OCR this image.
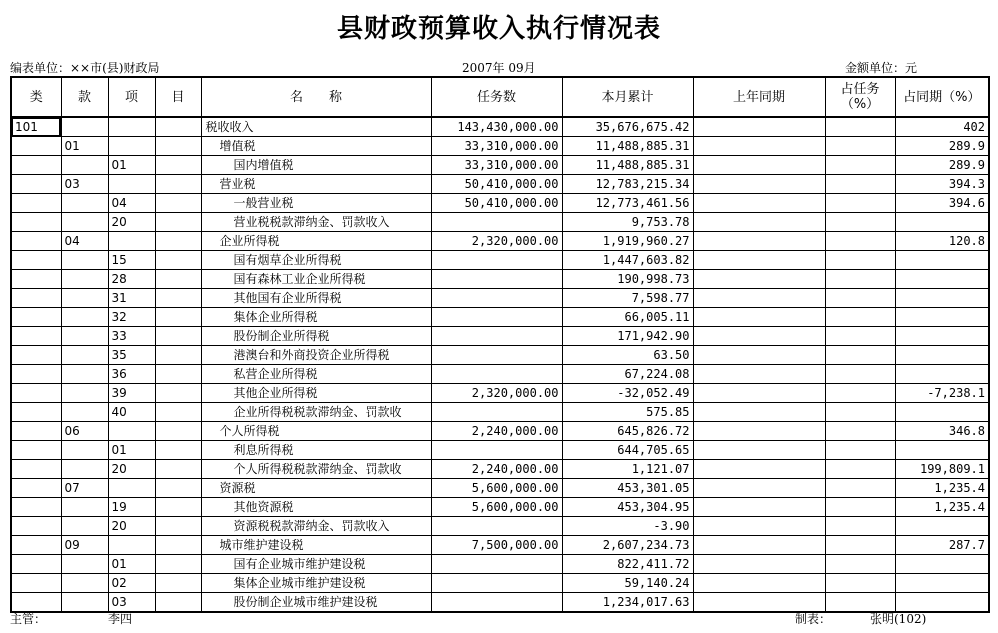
县财政预算收入执行情况表
编表单位：××市(县)财政局	2007年 09月	金额单位：元
类	款	项	目	名　　称	任务数	本月累计	上年同期	占任务（%）	占同期（%）
101				税收收入	143,430,000.00	35,676,675.42			402
	01			增值税	33,310,000.00	11,488,885.31			289.9
		01		国内增值税	33,310,000.00	11,488,885.31			289.9
	03			营业税	50,410,000.00	12,783,215.34			394.3
		04		一般营业税	50,410,000.00	12,773,461.56			394.6
		20		营业税税款滞纳金、罚款收入		9,753.78			
	04			企业所得税	2,320,000.00	1,919,960.27			120.8
		15		国有烟草企业所得税		1,447,603.82			
		28		国有森林工业企业所得税		190,998.73			
		31		其他国有企业所得税		7,598.77			
		32		集体企业所得税		66,005.11			
		33		股份制企业所得税		171,942.90			
		35		港澳台和外商投资企业所得税		63.50			
		36		私营企业所得税		67,224.08			
		39		其他企业所得税	2,320,000.00	-32,052.49			-7,238.1
		40		企业所得税税款滞纳金、罚款收		575.85			
	06			个人所得税	2,240,000.00	645,826.72			346.8
		01		利息所得税		644,705.65			
		20		个人所得税税款滞纳金、罚款收	2,240,000.00	1,121.07			199,809.1
	07			资源税	5,600,000.00	453,301.05			1,235.4
		19		其他资源税	5,600,000.00	453,304.95			1,235.4
		20		资源税税款滞纳金、罚款收入		-3.90			
	09			城市维护建设税	7,500,000.00	2,607,234.73			287.7
		01		国有企业城市维护建设税		822,411.72			
		02		集体企业城市维护建设税		59,140.24			
		03		股份制企业城市维护建设税		1,234,017.63			
主管：	李四	制表：	张明(102)
